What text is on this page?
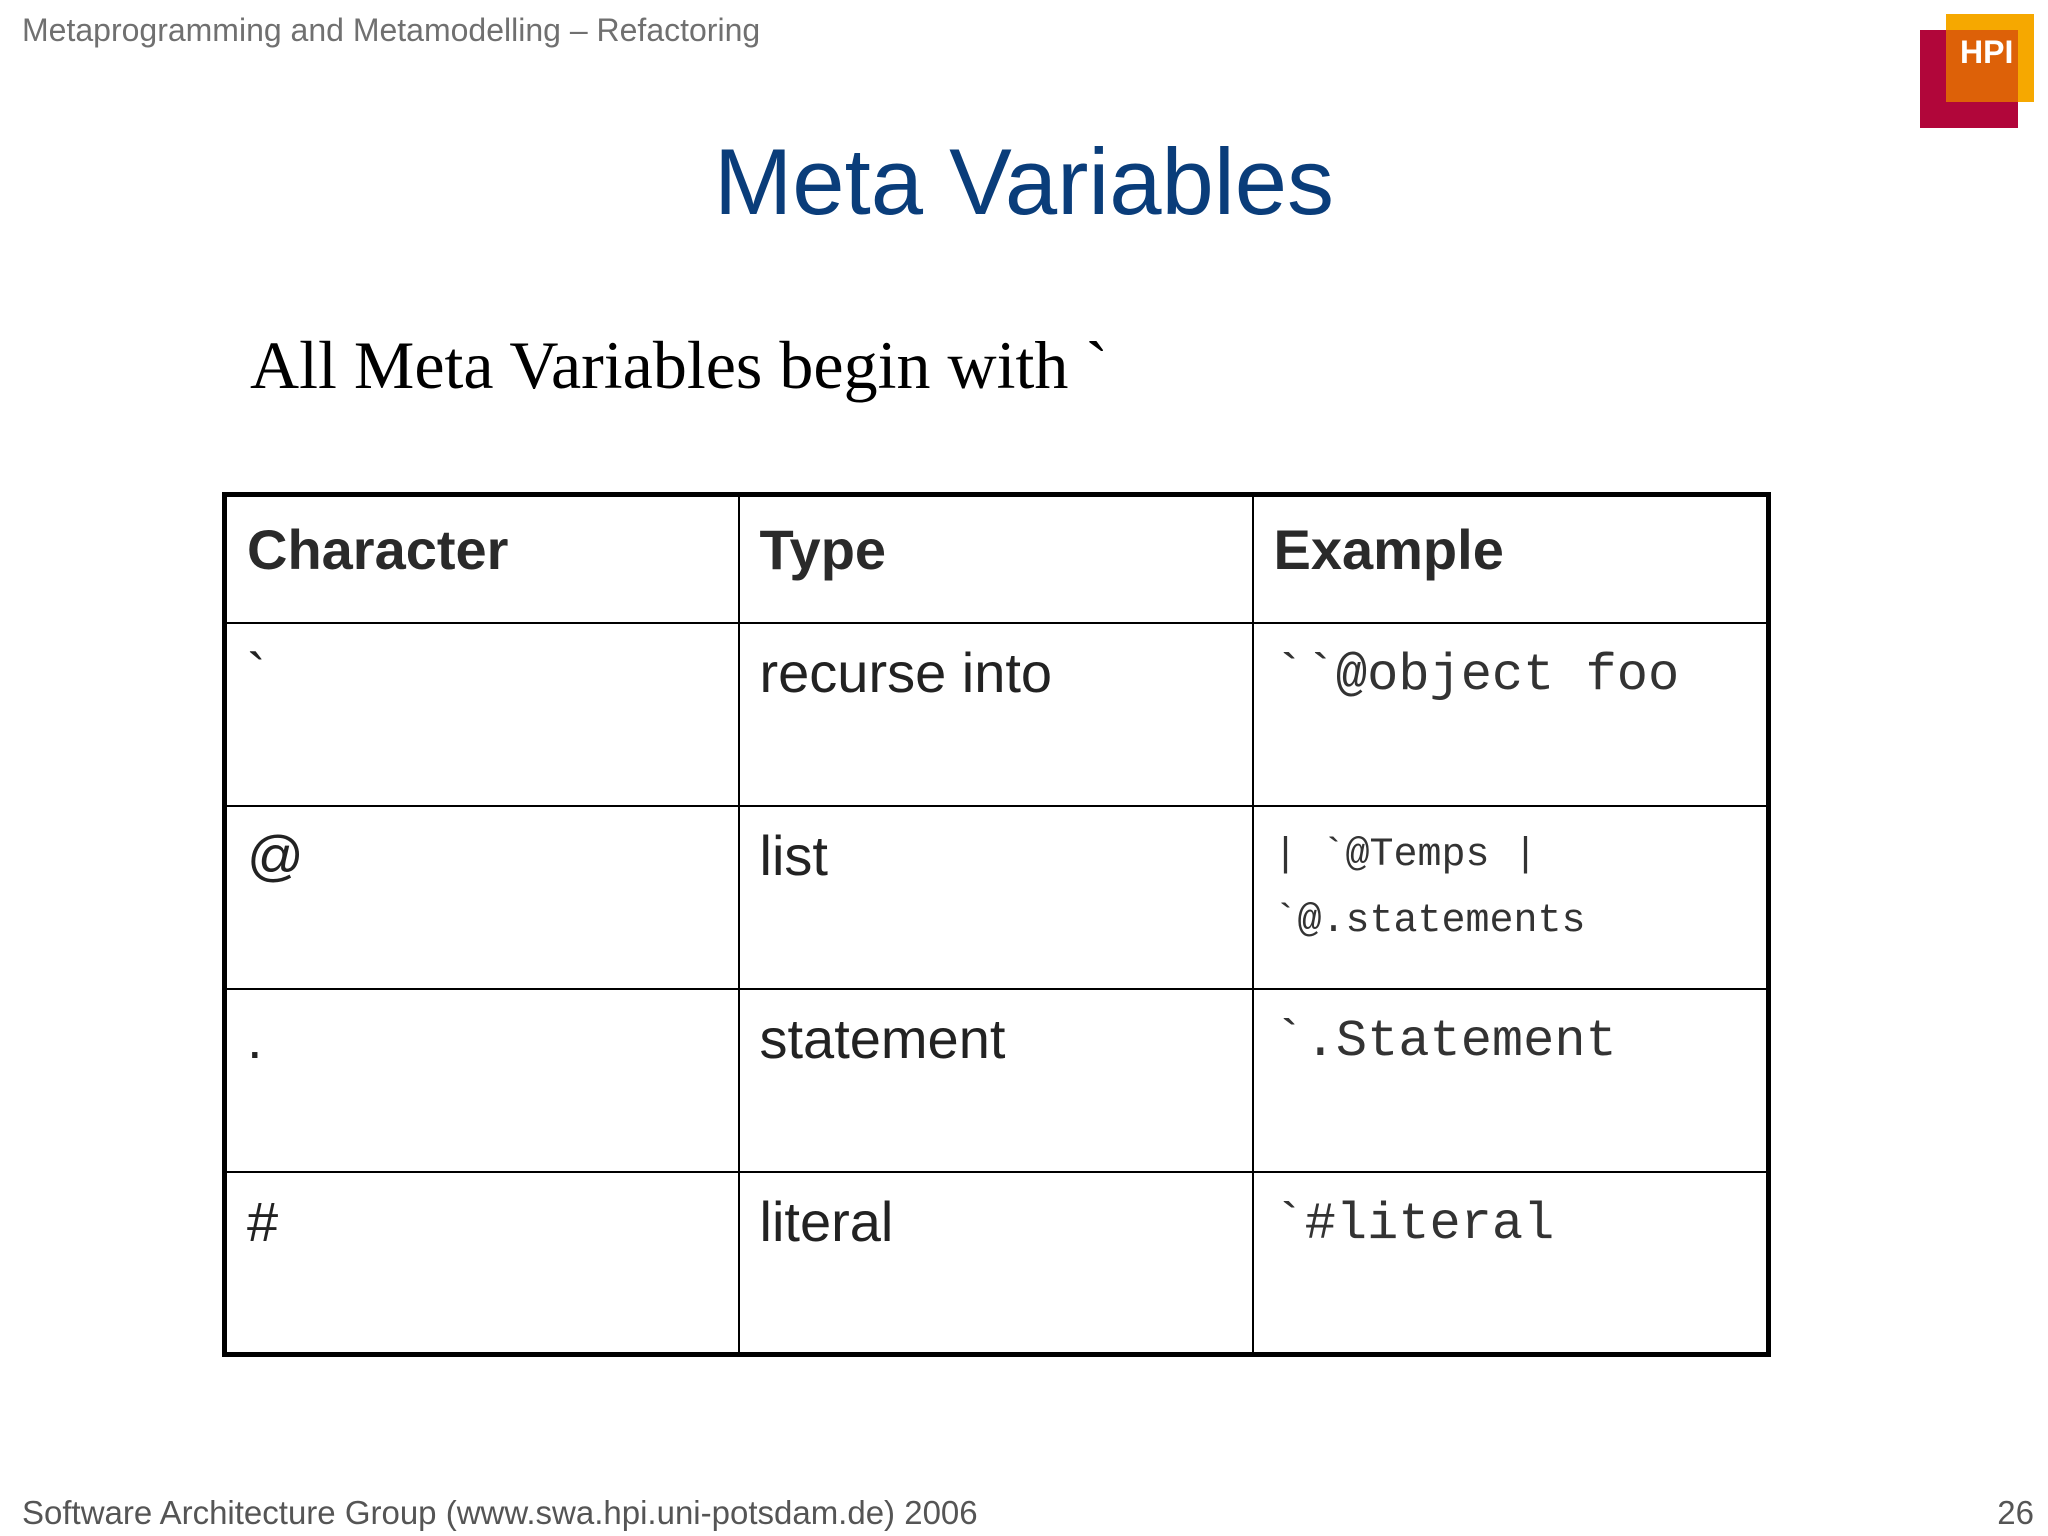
Metaprogramming and Metamodelling – Refactoring
HPI
Meta Variables
All Meta Variables begin with `
Character	Type	Example
`	recurse into	``@object foo

@	list	| `@Temps |
`@.statements

.	statement	`.Statement

#	literal	`#literal
Software Architecture Group (www.swa.hpi.uni-potsdam.de) 2006	26
